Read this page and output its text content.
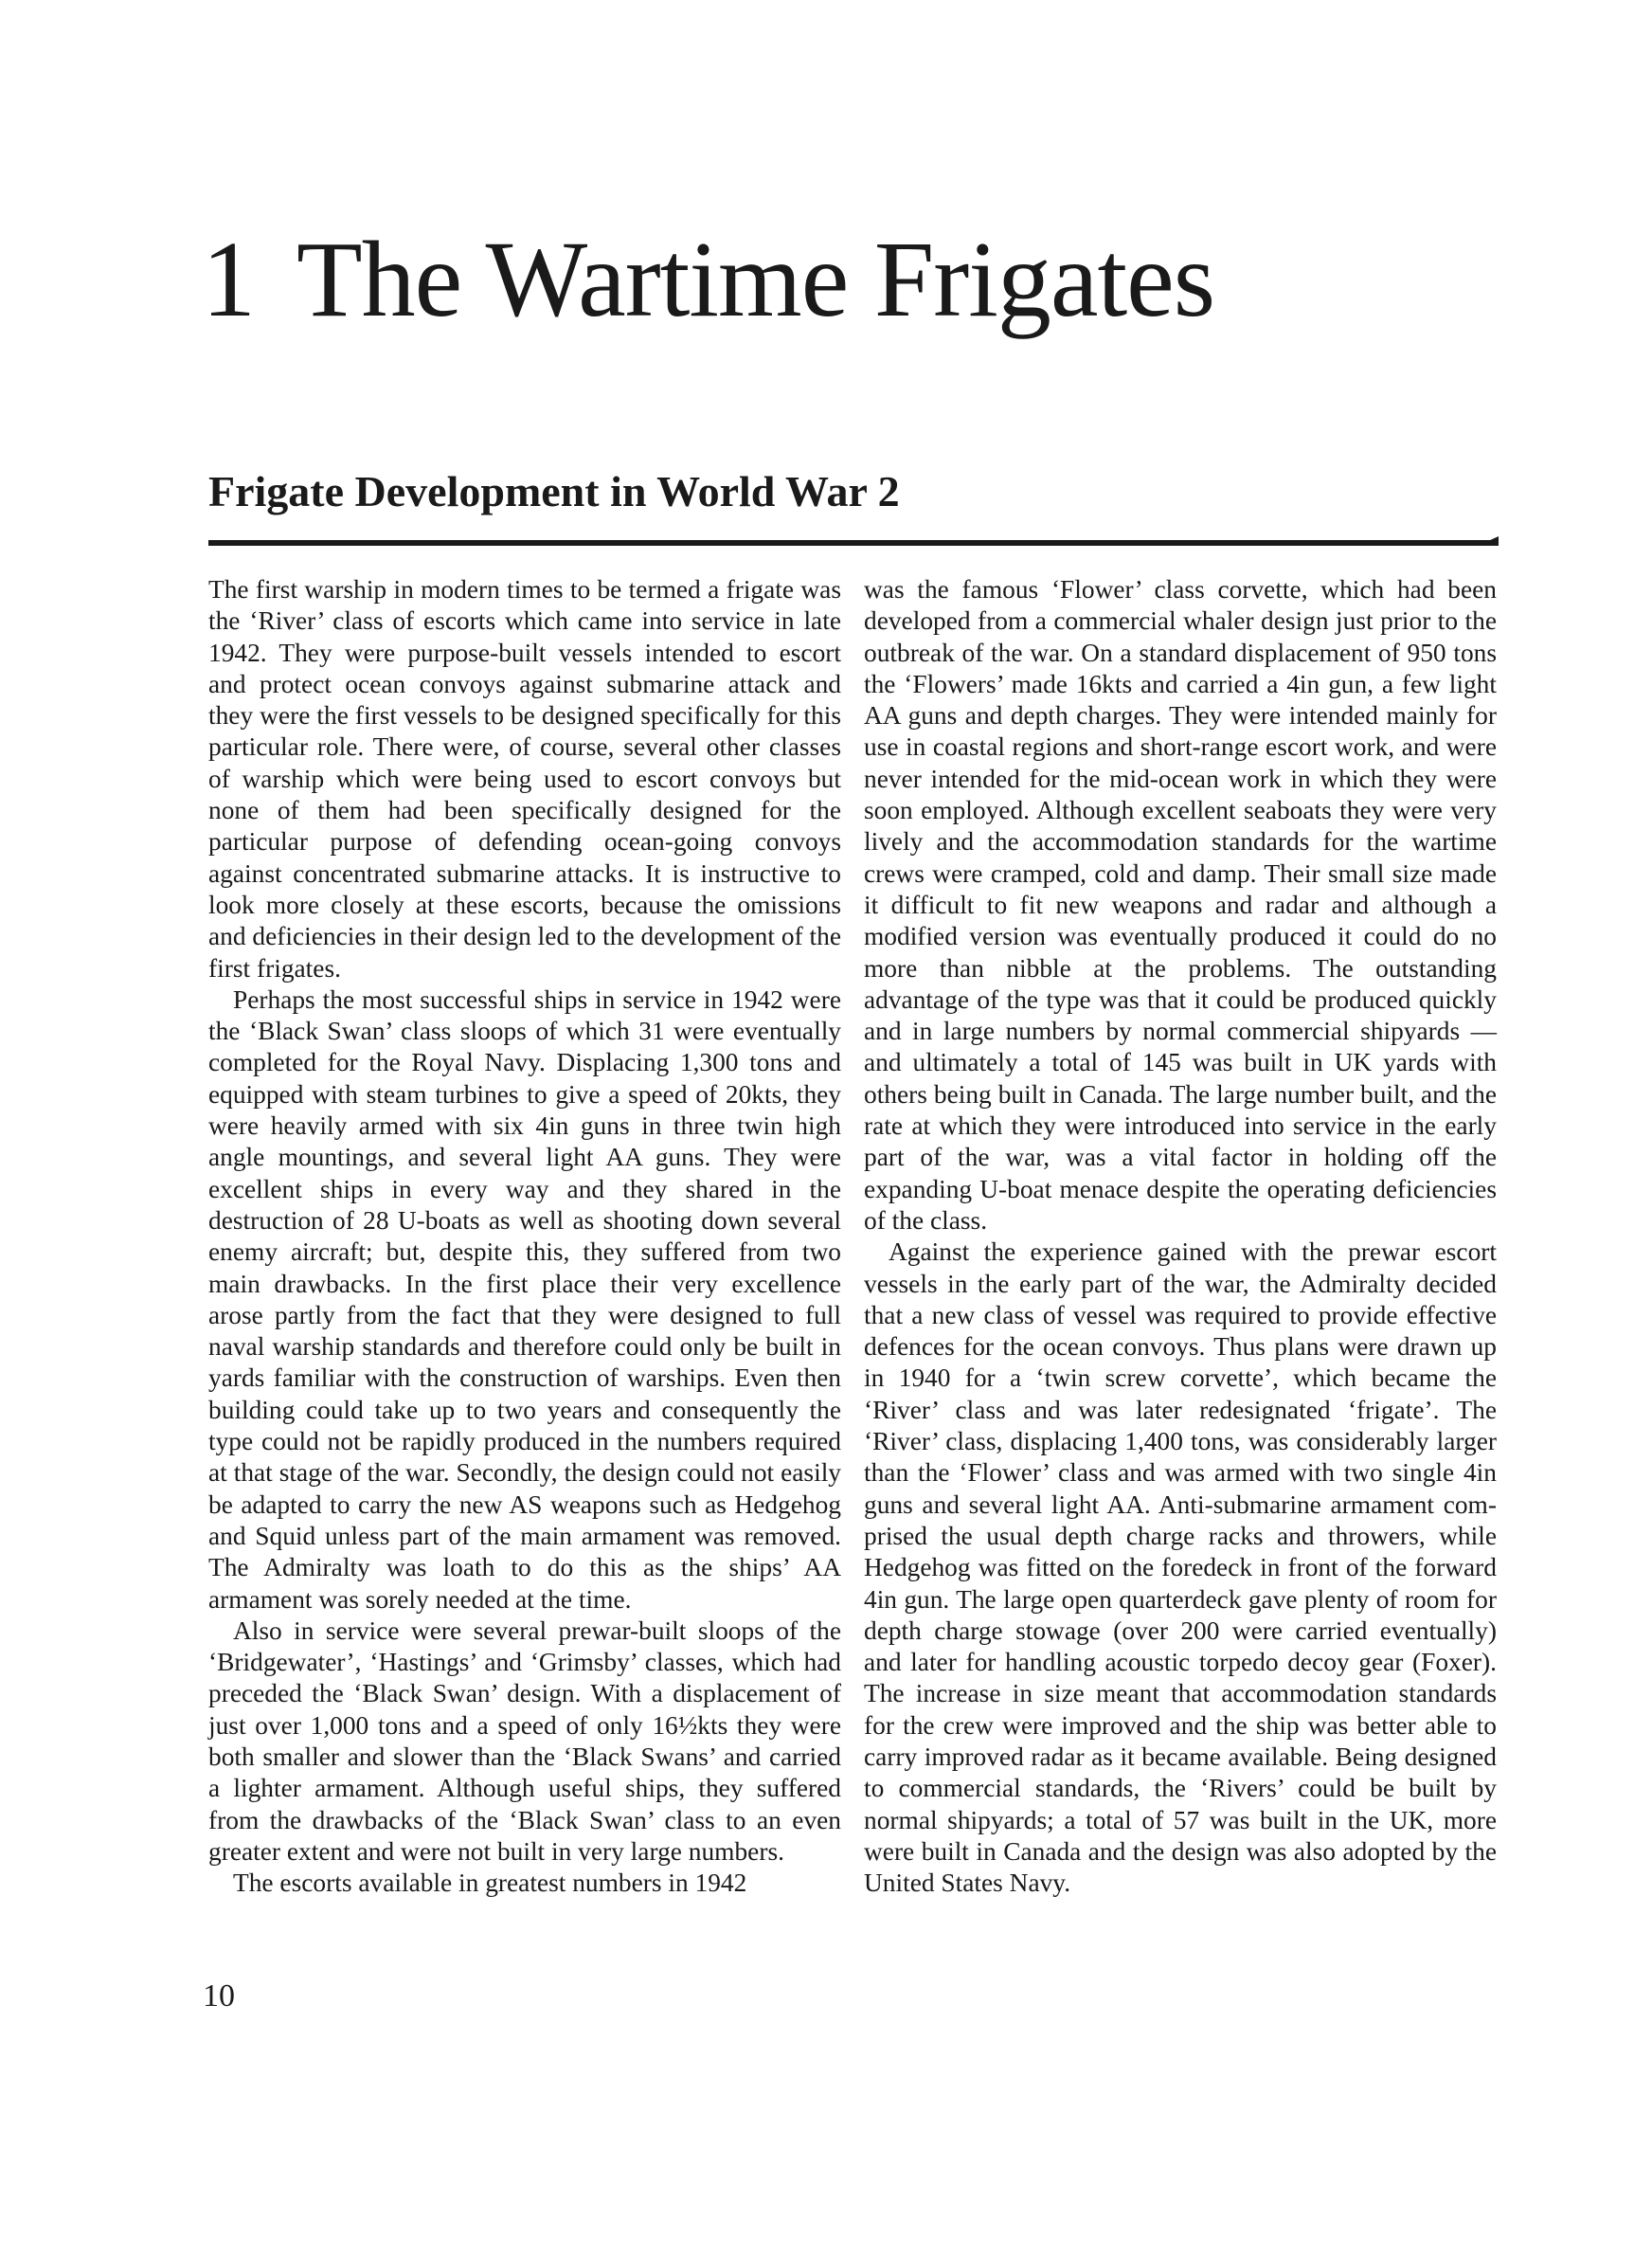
1 The Wartime Frigates
Frigate Development in World War 2

The first warship in modern times to be termed a frigate was the ‘River’ class of escorts which came into service in late 1942. They were purpose-built vessels intended to escort and protect ocean convoys against submarine attack and they were the first vessels to be designed specifically for this particular role. There were, of course, several other classes of warship which were being used to escort convoys but none of them had been specifically designed for the particular purpose of defending ocean-going convoys against concentrated submarine attacks. It is instructive to look more closely at these escorts, because the omissions and deficiencies in their design led to the development of the first frigates.

Perhaps the most successful ships in service in 1942 were the ‘Black Swan’ class sloops of which 31 were eventually completed for the Royal Navy. Displacing 1,300 tons and equipped with steam turbines to give a speed of 20kts, they were heavily armed with six 4in guns in three twin high angle mountings, and several light AA guns. They were excellent ships in every way and they shared in the destruction of 28 U-boats as well as shooting down several enemy aircraft; but, despite this, they suffered from two main drawbacks. In the first place their very excellence arose partly from the fact that they were designed to full naval warship standards and therefore could only be built in yards familiar with the construction of warships. Even then building could take up to two years and consequently the type could not be rapidly produced in the numbers required at that stage of the war. Secondly, the design could not easily be adapted to carry the new AS weapons such as Hedgehog and Squid unless part of the main armament was removed. The Admiralty was loath to do this as the ships’ AA armament was sorely needed at the time.

Also in service were several prewar-built sloops of the ‘Bridgewater’, ‘Hastings’ and ‘Grimsby’ classes, which had preceded the ‘Black Swan’ design. With a displacement of just over 1,000 tons and a speed of only 16½kts they were both smaller and slower than the ‘Black Swans’ and carried a lighter armament. Although useful ships, they suffered from the drawbacks of the ‘Black Swan’ class to an even greater extent and were not built in very large numbers.

The escorts available in greatest numbers in 1942

was the famous ‘Flower’ class corvette, which had been developed from a commercial whaler design just prior to the outbreak of the war. On a standard displacement of 950 tons the ‘Flowers’ made 16kts and carried a 4in gun, a few light AA guns and depth charges. They were intended mainly for use in coastal regions and short-range escort work, and were never intended for the mid-ocean work in which they were soon employed. Although excellent seaboats they were very lively and the accommodation standards for the wartime crews were cramped, cold and damp. Their small size made it difficult to fit new weapons and radar and although a modified version was eventually produced it could do no more than nibble at the problems. The outstanding advantage of the type was that it could be produced quickly and in large numbers by normal commercial shipyards — and ultimately a total of 145 was built in UK yards with others being built in Canada. The large number built, and the rate at which they were introduced into service in the early part of the war, was a vital factor in holding off the expanding U-boat menace despite the operating deficiencies of the class.

Against the experience gained with the prewar escort vessels in the early part of the war, the Admiralty decided that a new class of vessel was required to provide effective defences for the ocean convoys. Thus plans were drawn up in 1940 for a ‘twin screw corvette’, which became the ‘River’ class and was later redesignated ‘frigate’. The ‘River’ class, displacing 1,400 tons, was considerably larger than the ‘Flower’ class and was armed with two single 4in guns and several light AA. Anti-submarine armament comprised the usual depth charge racks and throwers, while Hedgehog was fitted on the foredeck in front of the forward 4in gun. The large open quarterdeck gave plenty of room for depth charge stowage (over 200 were carried eventually) and later for handling acoustic torpedo decoy gear (Foxer). The increase in size meant that accommodation standards for the crew were improved and the ship was better able to carry improved radar as it became available. Being designed to commercial standards, the ‘Rivers’ could be built by normal shipyards; a total of 57 was built in the UK, more were built in Canada and the design was also adopted by the United States Navy.

10
